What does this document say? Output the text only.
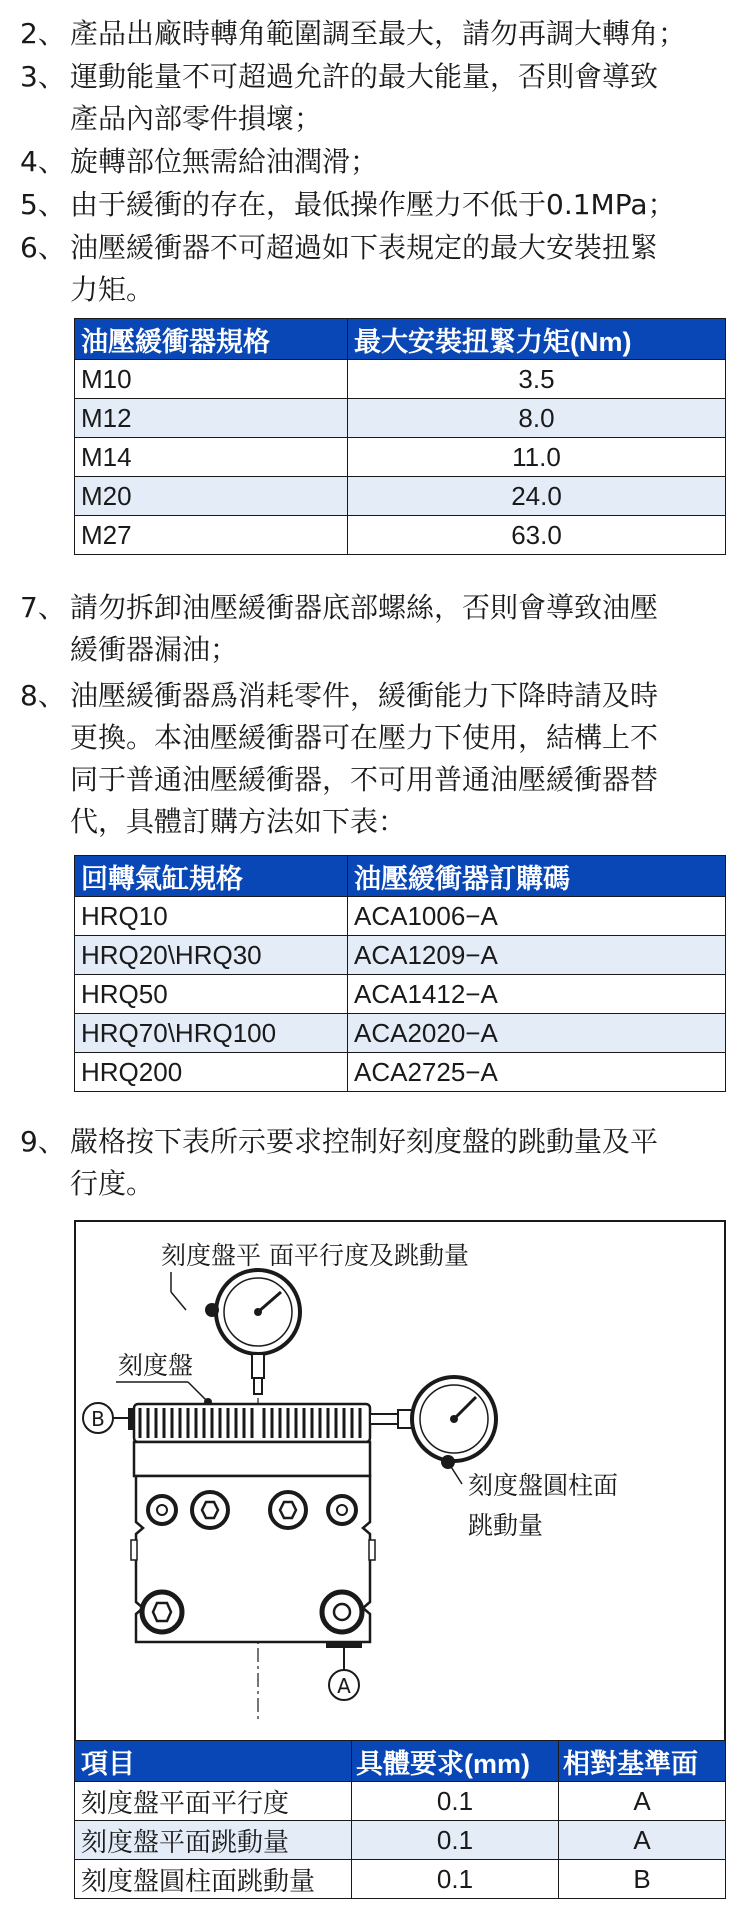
2、 產品出廠時轉角範圍調至最大，請勿再調大轉角；
3、 運動能量不可超過允許的最大能量，否則會導致
產品內部零件損壞；
4、 旋轉部位無需給油潤滑；
5、 由于緩衝的存在，最低操作壓力不低于0.1MPa；
6、 油壓緩衝器不可超過如下表規定的最大安裝扭緊
力矩。
油壓緩衝器規格	最大安裝扭緊力矩(Nm)
M10	3.5
M12	8.0
M14	11.0
M20	24.0
M27	63.0
7、 請勿拆卸油壓緩衝器底部螺絲，否則會導致油壓
緩衝器漏油；
8、 油壓緩衝器爲消耗零件，緩衝能力下降時請及時
更換。本油壓緩衝器可在壓力下使用，結構上不
同于普通油壓緩衝器，不可用普通油壓緩衝器替
代，具體訂購方法如下表：
回轉氣缸規格	油壓緩衝器訂購碼
HRQ10	ACA1006−A
HRQ20\HRQ30	ACA1209−A
HRQ50	ACA1412−A
HRQ70\HRQ100	ACA2020−A
HRQ200	ACA2725−A
9、 嚴格按下表所示要求控制好刻度盤的跳動量及平
行度。
刻度盤平 面平行度及跳動量
刻度盤
B
刻度盤圓柱面
跳動量
A
項目	具體要求(mm)	相對基準面
刻度盤平面平行度	0.1	A
刻度盤平面跳動量	0.1	A
刻度盤圓柱面跳動量	0.1	B
